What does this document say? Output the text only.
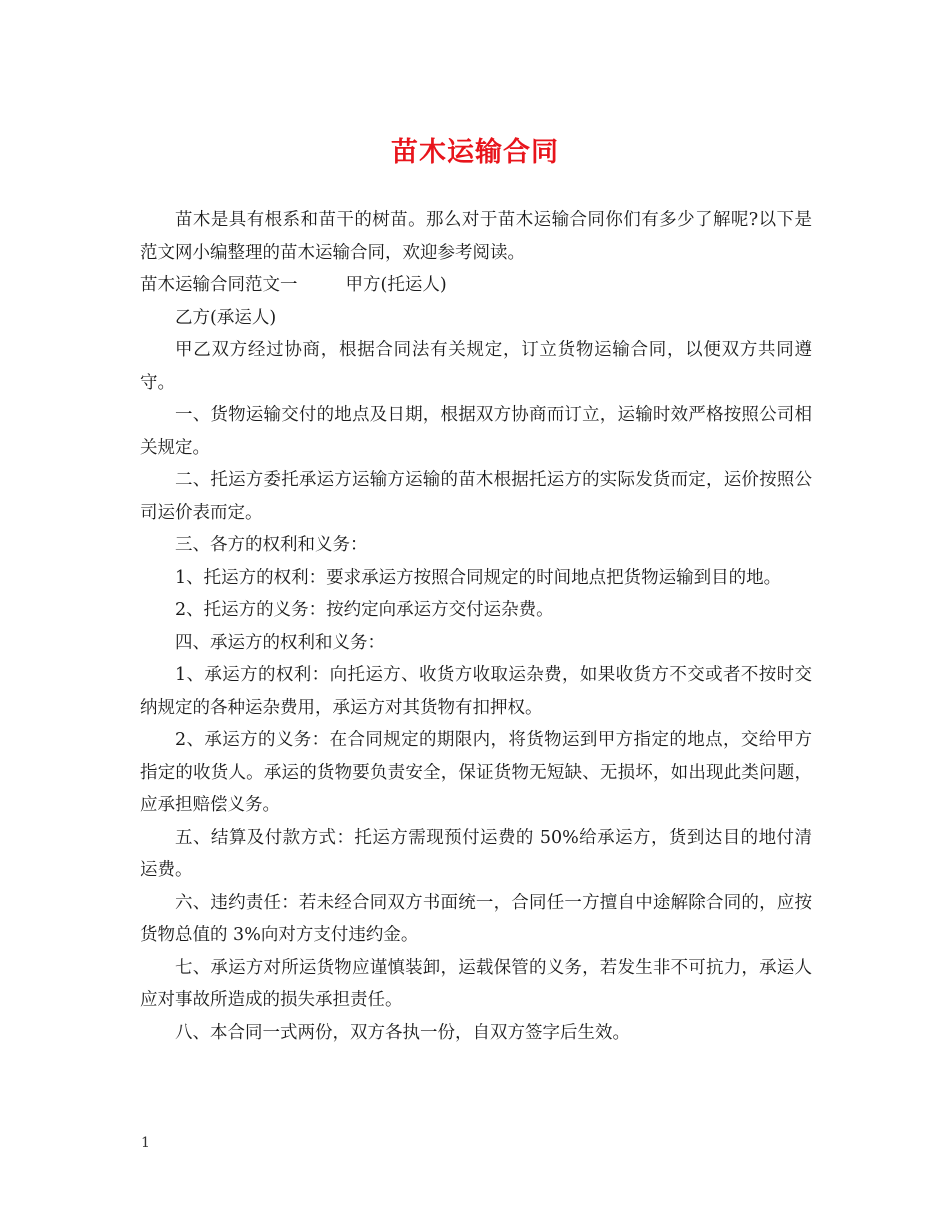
苗木运输合同

苗木是具有根系和苗干的树苗。那么对于苗木运输合同你们有多少了解呢?以下是范文网小编整理的苗木运输合同，欢迎参考阅读。

苗木运输合同范文一	甲方(托运人)

乙方(承运人)

甲乙双方经过协商，根据合同法有关规定，订立货物运输合同，以便双方共同遵守。

一、货物运输交付的地点及日期，根据双方协商而订立，运输时效严格按照公司相关规定。

二、托运方委托承运方运输方运输的苗木根据托运方的实际发货而定，运价按照公司运价表而定。

三、各方的权利和义务：

1、托运方的权利：要求承运方按照合同规定的时间地点把货物运输到目的地。

2、托运方的义务：按约定向承运方交付运杂费。

四、承运方的权利和义务：

1、承运方的权利：向托运方、收货方收取运杂费，如果收货方不交或者不按时交纳规定的各种运杂费用，承运方对其货物有扣押权。

2、承运方的义务：在合同规定的期限内，将货物运到甲方指定的地点，交给甲方指定的收货人。承运的货物要负责安全，保证货物无短缺、无损坏，如出现此类问题，应承担赔偿义务。

五、结算及付款方式：托运方需现预付运费的 50%给承运方，货到达目的地付清运费。

六、违约责任：若未经合同双方书面统一，合同任一方擅自中途解除合同的，应按货物总值的 3%向对方支付违约金。

七、承运方对所运货物应谨慎装卸，运载保管的义务，若发生非不可抗力，承运人应对事故所造成的损失承担责任。

八、本合同一式两份，双方各执一份，自双方签字后生效。

1
